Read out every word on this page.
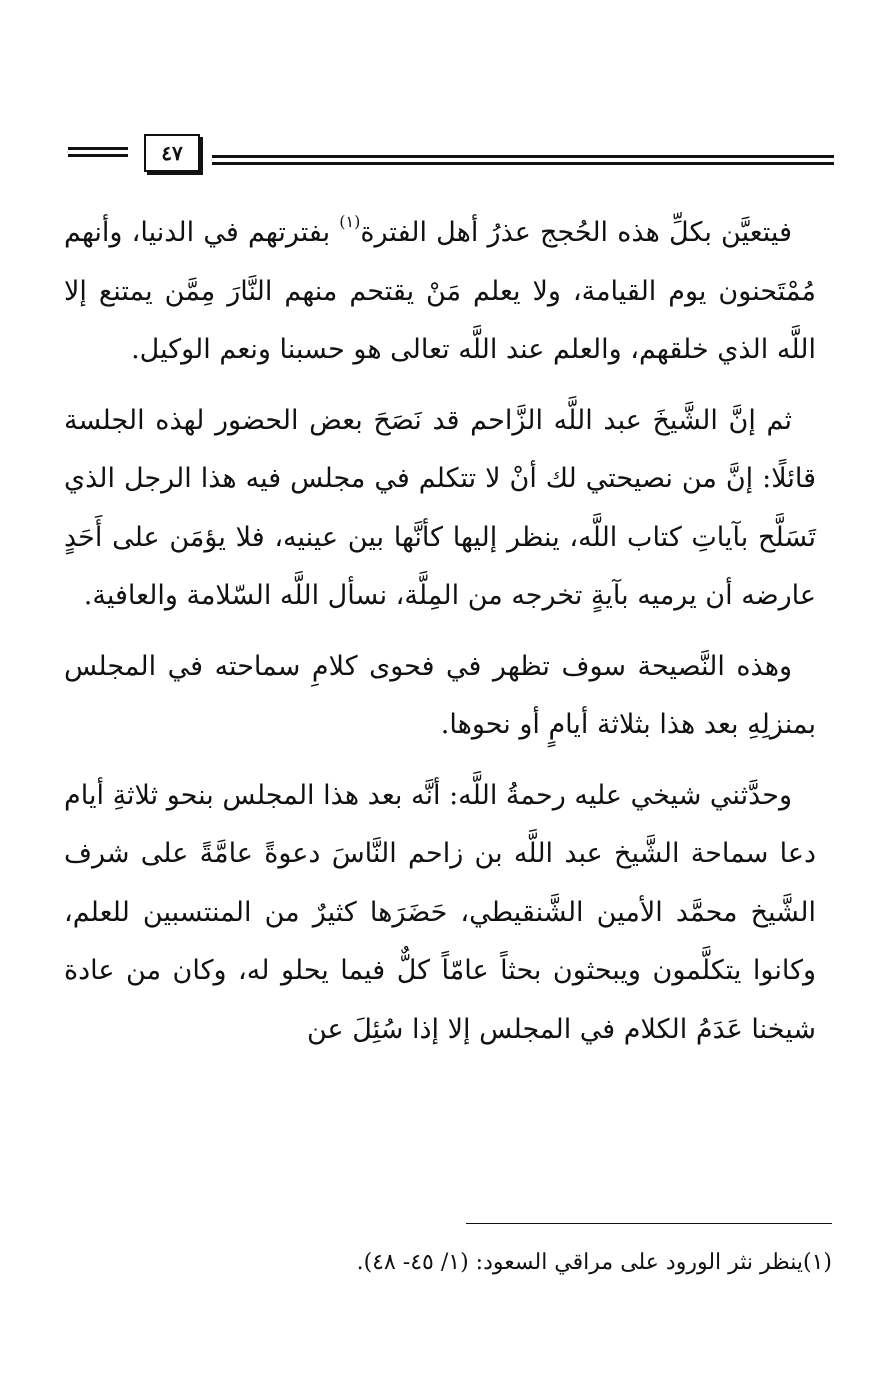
٤٧

فيتعيَّن بكلِّ هذه الحُجج عذرُ أهل الفترة$^{(١)}$ بفترتهم في الدنيا، وأنهم مُمْتَحنون يوم القيامة، ولا يعلم مَنْ يقتحم منهم النَّارَ مِمَّن يمتنع إلا اللَّه الذي خلقهم، والعلم عند اللَّه تعالى هو حسبنا ونعم الوكيل.

ثم إنَّ الشَّيخَ عبد اللَّه الزَّاحم قد نَصَحَ بعض الحضور لهذه الجلسة قائلًا: إنَّ من نصيحتي لك أنْ لا تتكلم في مجلس فيه هذا الرجل الذي تَسَلَّح بآياتِ كتاب اللَّه، ينظر إليها كأنَّها بين عينيه، فلا يؤمَن على أَحَدٍ عارضه أن يرميه بآيةٍ تخرجه من المِلَّة، نسأل اللَّه السّلامة والعافية.

وهذه النَّصيحة سوف تظهر في فحوى كلامِ سماحته في المجلس بمنزلِهِ بعد هذا بثلاثة أيامٍ أو نحوها.

وحدَّثني شيخي عليه رحمةُ اللَّه: أنَّه بعد هذا المجلس بنحو ثلاثةِ أيام دعا سماحة الشَّيخ عبد اللَّه بن زاحم النَّاسَ دعوةً عامَّةً على شرف الشَّيخ محمَّد الأمين الشَّنقيطي، حَضَرَها كثيرٌ من المنتسبين للعلم، وكانوا يتكلَّمون ويبحثون بحثاً عامّاً كلٌّ فيما يحلو له، وكان من عادة شيخنا عَدَمُ الكلام في المجلس إلا إذا سُئِلَ عن

(١)ينظر نثر الورود على مراقي السعود: (١/ ٤٥- ٤٨).
